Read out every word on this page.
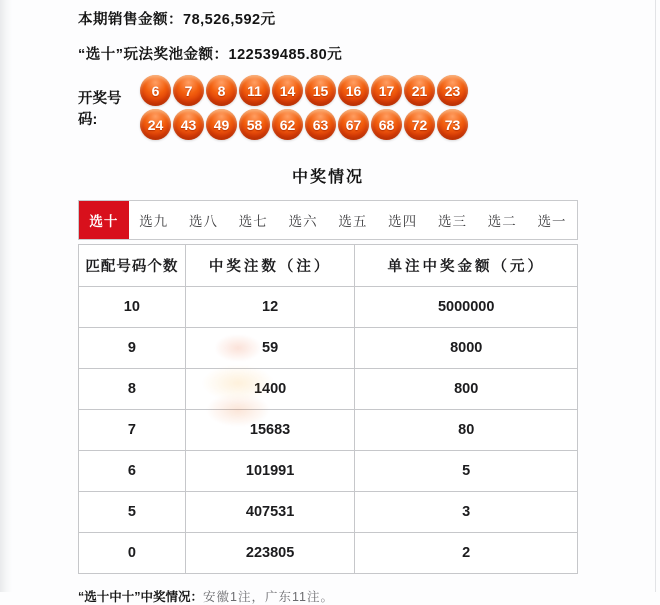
本期销售金额：78,526,592元
“选十”玩法奖池金额：122539485.80元
开奖号码:
6	7	8	11	14	15	16	17	21	23
24	43	49	58	62	63	67	68	72	73
中奖情况
选十	选九	选八	选七	选六	选五	选四	选三	选二	选一
匹配号码个数	中奖注数（注）	单注中奖金额（元）
10	12	5000000
9	59	8000
8	1400	800
7	15683	80
6	101991	5
5	407531	3
0	223805	2
“选十中十”中奖情况：安徽1注，广东11注。
